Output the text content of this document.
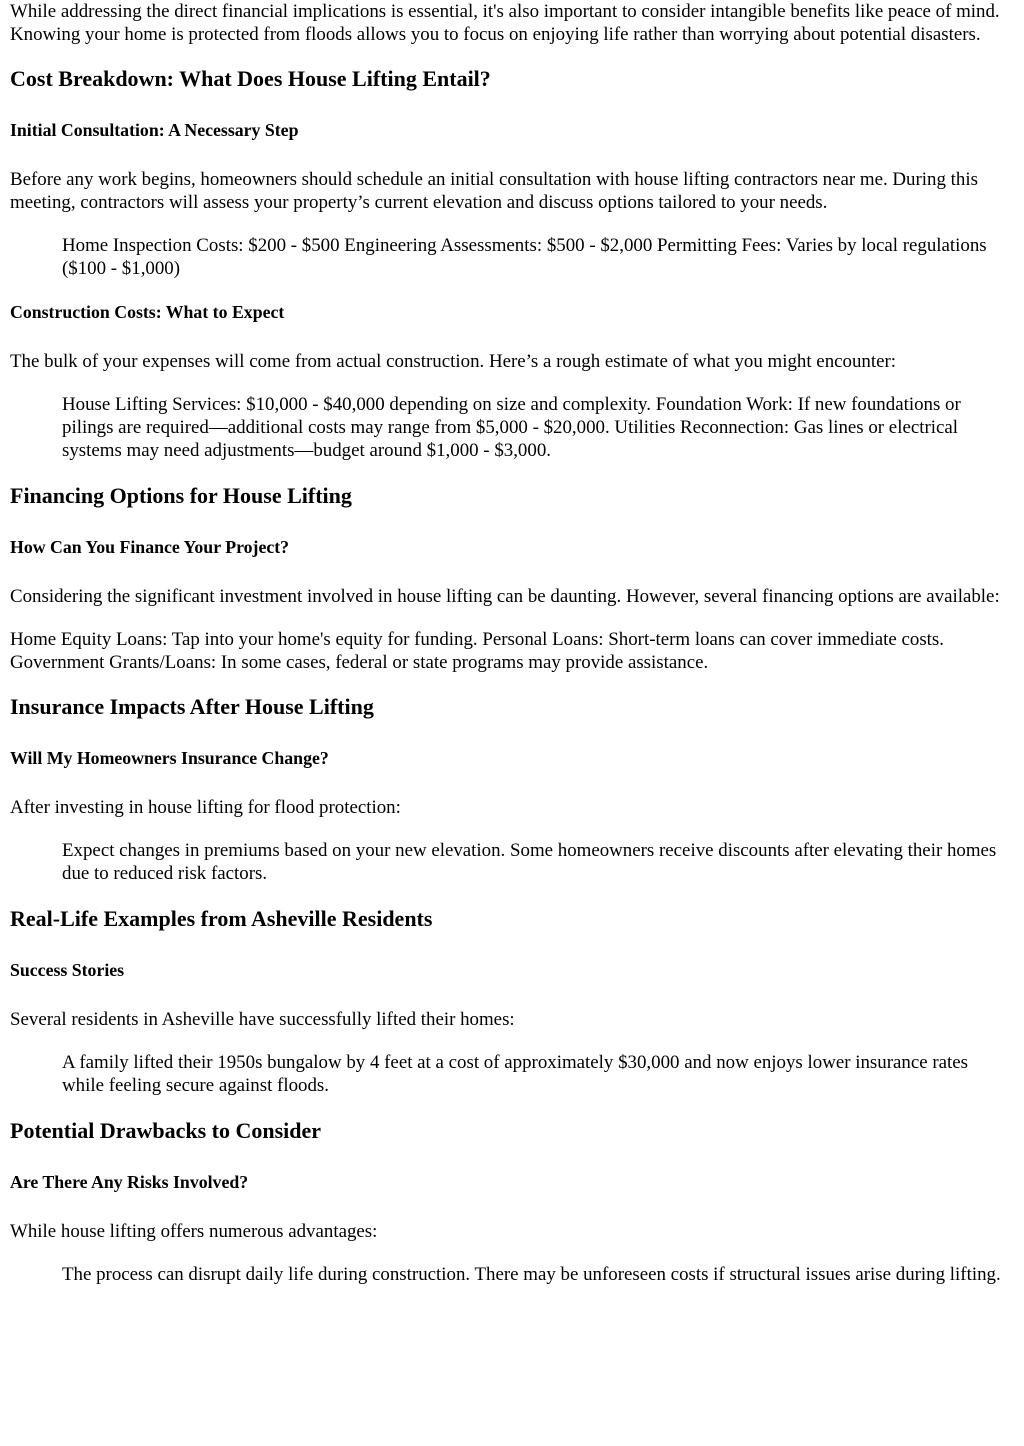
While addressing the direct financial implications is essential, it's also important to consider intangible benefits like peace of mind. Knowing your home is protected from floods allows you to focus on enjoying life rather than worrying about potential disasters.

Cost Breakdown: What Does House Lifting Entail?
Initial Consultation: A Necessary Step

Before any work begins, homeowners should schedule an initial consultation with house lifting contractors near me. During this meeting, contractors will assess your property’s current elevation and discuss options tailored to your needs.

Home Inspection Costs: $200 - $500 Engineering Assessments: $500 - $2,000 Permitting Fees: Varies by local regulations ($100 - $1,000)
Construction Costs: What to Expect

The bulk of your expenses will come from actual construction. Here’s a rough estimate of what you might encounter:

House Lifting Services: $10,000 - $40,000 depending on size and complexity. Foundation Work: If new foundations or pilings are required—additional costs may range from $5,000 - $20,000. Utilities Reconnection: Gas lines or electrical systems may need adjustments—budget around $1,000 - $3,000.
Financing Options for House Lifting
How Can You Finance Your Project?

Considering the significant investment involved in house lifting can be daunting. However, several financing options are available:

Home Equity Loans: Tap into your home's equity for funding. Personal Loans: Short-term loans can cover immediate costs. Government Grants/Loans: In some cases, federal or state programs may provide assistance.

Insurance Impacts After House Lifting
Will My Homeowners Insurance Change?

After investing in house lifting for flood protection:

Expect changes in premiums based on your new elevation. Some homeowners receive discounts after elevating their homes due to reduced risk factors.
Real-Life Examples from Asheville Residents
Success Stories

Several residents in Asheville have successfully lifted their homes:

A family lifted their 1950s bungalow by 4 feet at a cost of approximately $30,000 and now enjoys lower insurance rates while feeling secure against floods.
Potential Drawbacks to Consider
Are There Any Risks Involved?

While house lifting offers numerous advantages:

The process can disrupt daily life during construction. There may be unforeseen costs if structural issues arise during lifting.
